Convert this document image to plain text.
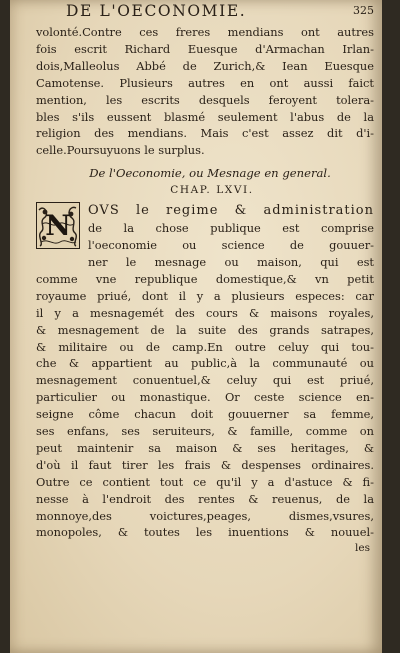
DE L'OECONOMIE.	325
volonté.Contre ces freres mendians ont autres
fois escrit Richard Euesque d'Armachan Irlan-
dois,Malleolus Abbé de Zurich,& Iean Euesque
Camotense. Plusieurs autres en ont aussi faict
mention, les escrits desquels feroyent tolera-
bles s'ils eussent blasmé seulement l'abus de la
religion des mendians. Mais c'est assez dit d'i-
celle.Poursuyuons le surplus.
De l'Oeconomie, ou Mesnage en general.
CHAP. LXVI.
N OVS le regime & administration
de la chose publique est comprise
l'oeconomie ou science de gouuer-
ner le mesnage ou maison, qui est
comme vne republique domestique,& vn petit
royaume priué, dont il y a plusieurs especes: car
il y a mesnagemét des cours & maisons royales,
& mesnagement de la suite des grands satrapes,
& militaire ou de camp.En outre celuy qui tou-
che & appartient au public,à la communauté ou
mesnagement conuentuel,& celuy qui est priué,
particulier ou monastique. Or ceste science en-
seigne côme chacun doit gouuerner sa femme,
ses enfans, ses seruiteurs, & famille, comme on
peut maintenir sa maison & ses heritages, &
d'où il faut tirer les frais & despenses ordinaires.
Outre ce contient tout ce qu'il y a d'astuce & fi-
nesse à l'endroit des rentes & reuenus, de la
monnoye,des voictures,peages, dismes,vsures,
monopoles, & toutes les inuentions & nouuel-
les
